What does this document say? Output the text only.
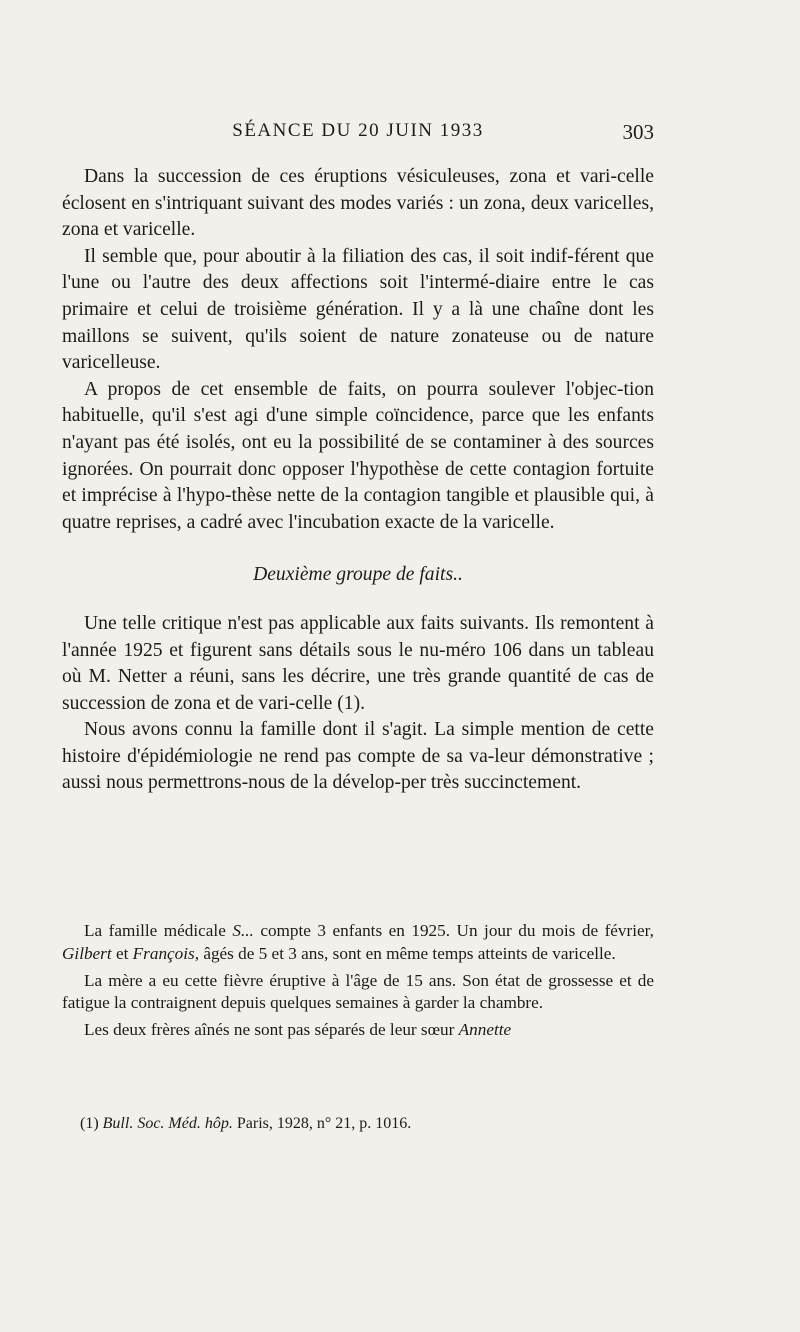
SÉANCE DU 20 JUIN 1933	303

Dans la succession de ces éruptions vésiculeuses, zona et vari-celle éclosent en s'intriquant suivant des modes variés : un zona, deux varicelles, zona et varicelle.

Il semble que, pour aboutir à la filiation des cas, il soit indif-férent que l'une ou l'autre des deux affections soit l'intermé-diaire entre le cas primaire et celui de troisième génération. Il y a là une chaîne dont les maillons se suivent, qu'ils soient de nature zonateuse ou de nature varicelleuse.

A propos de cet ensemble de faits, on pourra soulever l'objec-tion habituelle, qu'il s'est agi d'une simple coïncidence, parce que les enfants n'ayant pas été isolés, ont eu la possibilité de se contaminer à des sources ignorées. On pourrait donc opposer l'hypothèse de cette contagion fortuite et imprécise à l'hypo-thèse nette de la contagion tangible et plausible qui, à quatre reprises, a cadré avec l'incubation exacte de la varicelle.

Deuxième groupe de faits..

Une telle critique n'est pas applicable aux faits suivants. Ils remontent à l'année 1925 et figurent sans détails sous le nu-méro 106 dans un tableau où M. Netter a réuni, sans les décrire, une très grande quantité de cas de succession de zona et de vari-celle (1).

Nous avons connu la famille dont il s'agit. La simple mention de cette histoire d'épidémiologie ne rend pas compte de sa va-leur démonstrative ; aussi nous permettrons-nous de la dévelop-per très succinctement.

La famille médicale S... compte 3 enfants en 1925. Un jour du mois de février, Gilbert et François, âgés de 5 et 3 ans, sont en même temps atteints de varicelle.

La mère a eu cette fièvre éruptive à l'âge de 15 ans. Son état de grossesse et de fatigue la contraignent depuis quelques semaines à garder la chambre.

Les deux frères aînés ne sont pas séparés de leur sœur Annette

(1) Bull. Soc. Méd. hôp. Paris, 1928, n° 21, p. 1016.
